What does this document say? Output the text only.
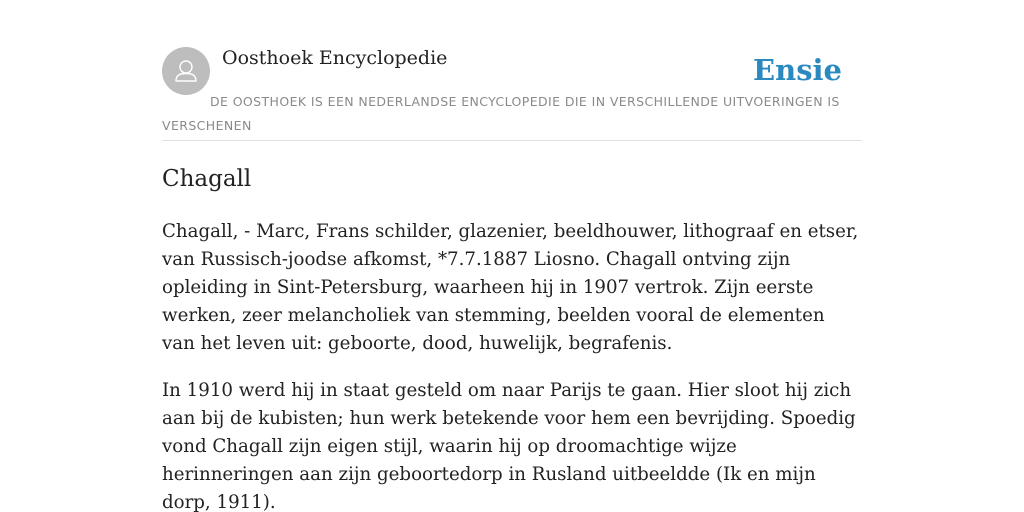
Oosthoek Encyclopedie	Ensie
DE OOSTHOEK IS EEN NEDERLANDSE ENCYCLOPEDIE DIE IN VERSCHILLENDE UITVOERINGEN IS VERSCHENEN
Chagall

Chagall, - Marc, Frans schilder, glazenier, beeldhouwer, lithograaf en etser, van Russisch-joodse afkomst, *7.7.1887 Liosno. Chagall ontving zijn opleiding in Sint-Petersburg, waarheen hij in 1907 vertrok. Zijn eerste werken, zeer melancholiek van stemming, beelden vooral de elementen van het leven uit: geboorte, dood, huwelijk, begrafenis.

In 1910 werd hij in staat gesteld om naar Parijs te gaan. Hier sloot hij zich aan bij de kubisten; hun werk betekende voor hem een bevrijding. Spoedig vond Chagall zijn eigen stijl, waarin hij op droomachtige wijze herinneringen aan zijn geboortedorp in Rusland uitbeeldde (Ik en mijn dorp, 1911).
